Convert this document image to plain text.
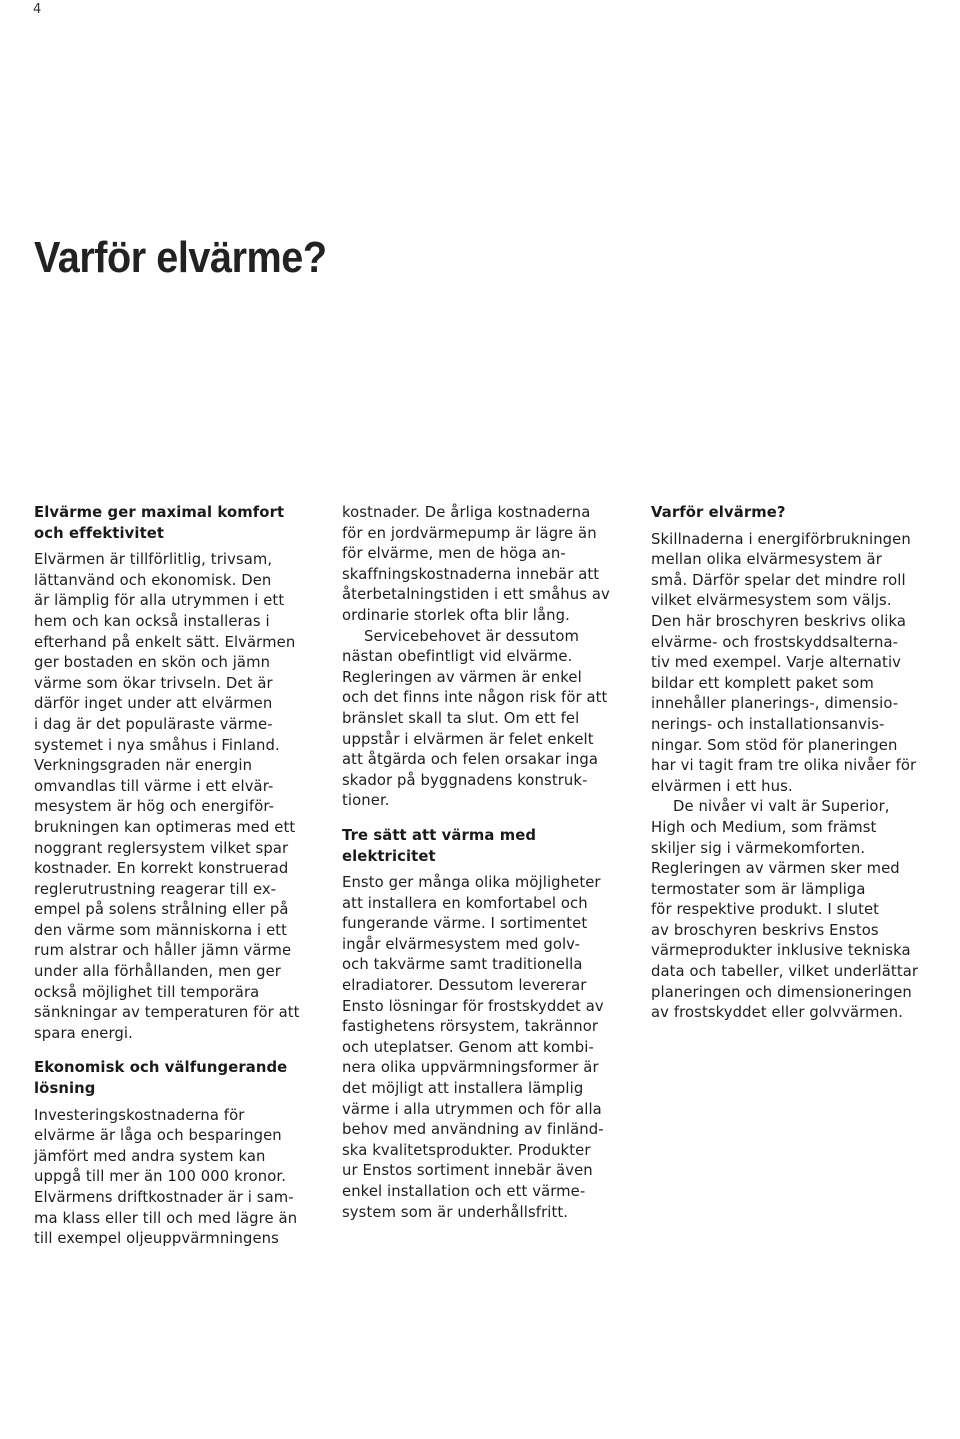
4
Varför elvärme?
Elvärme ger maximal komfort
och effektivitet
Elvärmen är tillförlitlig, trivsam,
lättanvänd och ekonomisk. Den
är lämplig för alla utrymmen i ett
hem och kan också installeras i
efterhand på enkelt sätt. Elvärmen
ger bostaden en skön och jämn
värme som ökar trivseln. Det är
därför inget under att elvärmen
i dag är det populäraste värme-
systemet i nya småhus i Finland.
Verkningsgraden när energin
omvandlas till värme i ett elvär-
mesystem är hög och energiför-
brukningen kan optimeras med ett
noggrant reglersystem vilket spar
kostnader. En korrekt konstruerad
reglerutrustning reagerar till ex-
empel på solens strålning eller på
den värme som människorna i ett
rum alstrar och håller jämn värme
under alla förhållanden, men ger
också möjlighet till temporära
sänkningar av temperaturen för att
spara energi.
Ekonomisk och välfungerande
lösning
Investeringskostnaderna för
elvärme är låga och besparingen
jämfört med andra system kan
uppgå till mer än 100 000 kronor.
Elvärmens driftkostnader är i sam-
ma klass eller till och med lägre än
till exempel oljeuppvärmningens
kostnader. De årliga kostnaderna
för en jordvärmepump är lägre än
för elvärme, men de höga an-
skaffningskostnaderna innebär att
återbetalningstiden i ett småhus av
ordinarie storlek ofta blir lång.
Servicebehovet är dessutom
nästan obefintligt vid elvärme.
Regleringen av värmen är enkel
och det finns inte någon risk för att
bränslet skall ta slut. Om ett fel
uppstår i elvärmen är felet enkelt
att åtgärda och felen orsakar inga
skador på byggnadens konstruk-
tioner.
Tre sätt att värma med
elektricitet
Ensto ger många olika möjligheter
att installera en komfortabel och
fungerande värme. I sortimentet
ingår elvärmesystem med golv-
och takvärme samt traditionella
elradiatorer. Dessutom levererar
Ensto lösningar för frostskyddet av
fastighetens rörsystem, takrännor
och uteplatser. Genom att kombi-
nera olika uppvärmningsformer är
det möjligt att installera lämplig
värme i alla utrymmen och för alla
behov med användning av finländ-
ska kvalitetsprodukter. Produkter
ur Enstos sortiment innebär även
enkel installation och ett värme-
system som är underhållsfritt.
Varför elvärme?
Skillnaderna i energiförbrukningen
mellan olika elvärmesystem är
små. Därför spelar det mindre roll
vilket elvärmesystem som väljs.
Den här broschyren beskrivs olika
elvärme- och frostskyddsalterna-
tiv med exempel. Varje alternativ
bildar ett komplett paket som
innehåller planerings-, dimensio-
nerings- och installationsanvis-
ningar. Som stöd för planeringen
har vi tagit fram tre olika nivåer för
elvärmen i ett hus.
De nivåer vi valt är Superior,
High och Medium, som främst
skiljer sig i värmekomforten.
Regleringen av värmen sker med
termostater som är lämpliga
för respektive produkt. I slutet
av broschyren beskrivs Enstos
värmeprodukter inklusive tekniska
data och tabeller, vilket underlättar
planeringen och dimensioneringen
av frostskyddet eller golvvärmen.
